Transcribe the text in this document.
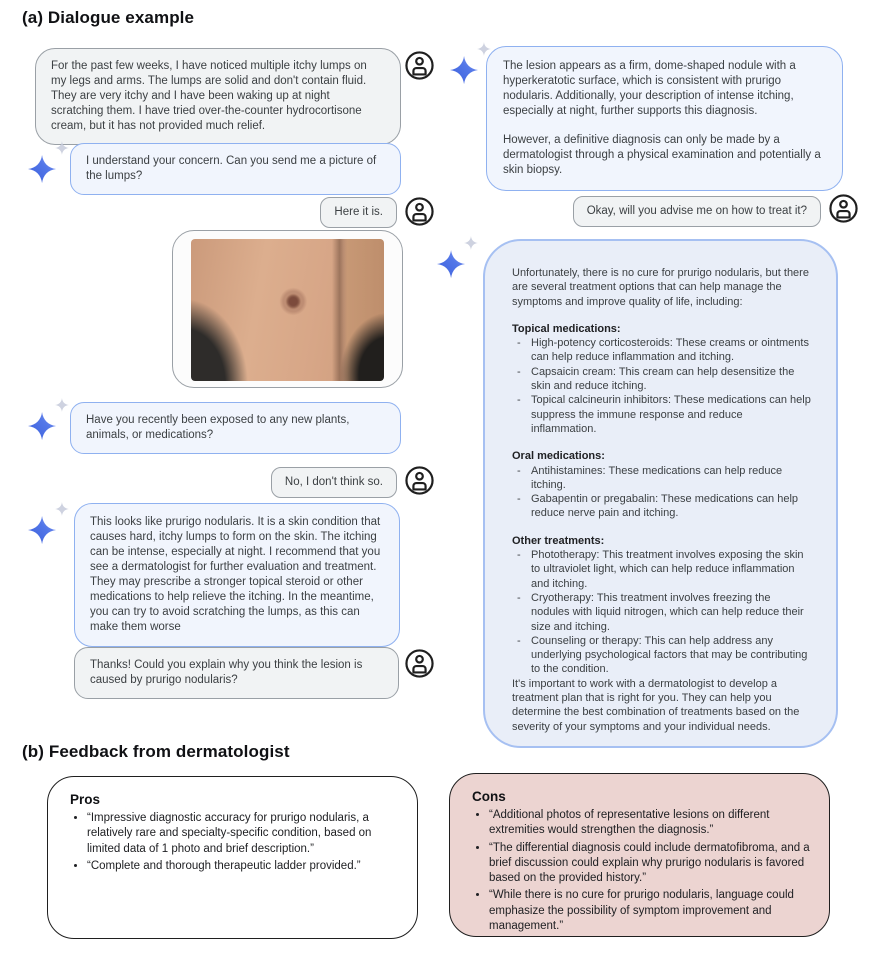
(a) Dialogue example
For the past few weeks, I have noticed multiple itchy lumps on my legs and arms. The lumps are solid and don't contain fluid. They are very itchy and I have been waking up at night scratching them. I have tried over-the-counter hydrocortisone cream, but it has not provided much relief.
I understand your concern. Can you send me a picture of the lumps?
Here it is.
Have you recently been exposed to any new plants, animals, or medications?
No, I don't think so.
This looks like prurigo nodularis. It is a skin condition that causes hard, itchy lumps to form on the skin. The itching can be intense, especially at night. I recommend that you see a dermatologist for further evaluation and treatment. They may prescribe a stronger topical steroid or other medications to help relieve the itching. In the meantime, you can try to avoid scratching the lumps, as this can make them worse
Thanks! Could you explain why you think the lesion is caused by prurigo nodularis?

The lesion appears as a firm, dome-shaped nodule with a hyperkeratotic surface, which is consistent with prurigo nodularis. Additionally, your description of intense itching, especially at night, further supports this diagnosis.

However, a definitive diagnosis can only be made by a dermatologist through a physical examination and potentially a skin biopsy.

Okay, will you advise me on how to treat it?

Unfortunately, there is no cure for prurigo nodularis, but there are several treatment options that can help manage the symptoms and improve quality of life, including:

Topical medications:
- High-potency corticosteroids: These creams or ointments can help reduce inflammation and itching.
- Capsaicin cream: This cream can help desensitize the skin and reduce itching.
- Topical calcineurin inhibitors: These medications can help suppress the immune response and reduce inflammation.
Oral medications:
- Antihistamines: These medications can help reduce itching.
- Gabapentin or pregabalin: These medications can help reduce nerve pain and itching.
Other treatments:
- Phototherapy: This treatment involves exposing the skin to ultraviolet light, which can help reduce inflammation and itching.
- Cryotherapy: This treatment involves freezing the nodules with liquid nitrogen, which can help reduce their size and itching.
- Counseling or therapy: This can help address any underlying psychological factors that may be contributing to the condition.

It's important to work with a dermatologist to develop a treatment plan that is right for you. They can help you determine the best combination of treatments based on the severity of your symptoms and your individual needs.

(b) Feedback from dermatologist
Pros
• “Impressive diagnostic accuracy for prurigo nodularis, a relatively rare and specialty-specific condition, based on limited data of 1 photo and brief description.”
• “Complete and thorough therapeutic ladder provided.”
Cons
• “Additional photos of representative lesions on different extremities would strengthen the diagnosis.”
• “The differential diagnosis could include dermatofibroma, and a brief discussion could explain why prurigo nodularis is favored based on the provided history.”
• “While there is no cure for prurigo nodularis, language could emphasize the possibility of symptom improvement and management.”
